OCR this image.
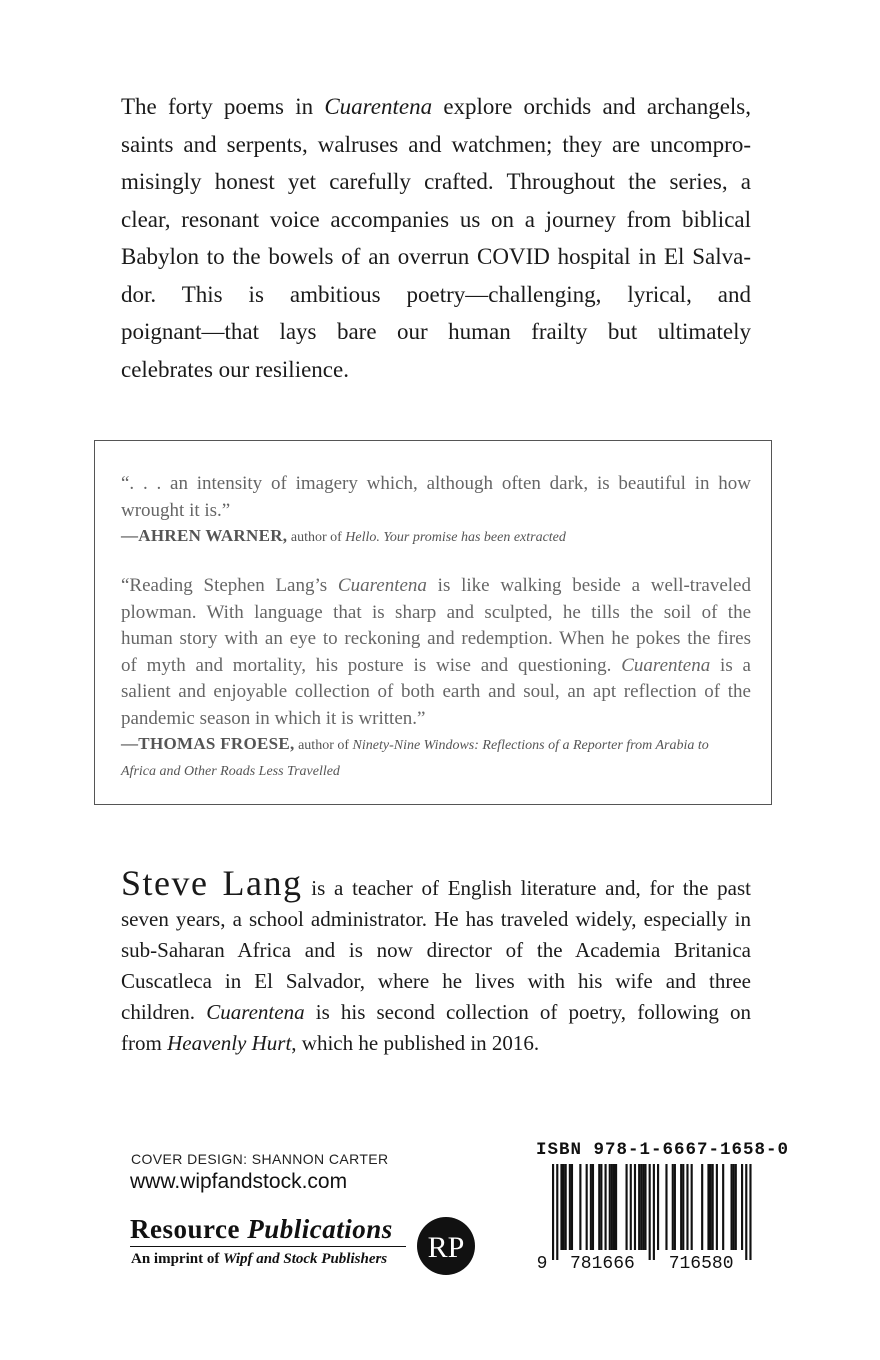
The forty poems in Cuarentena explore orchids and archangels,
saints and serpents, walruses and watchmen; they are uncompro-
misingly honest yet carefully crafted. Throughout the series, a
clear, resonant voice accompanies us on a journey from biblical
Babylon to the bowels of an overrun COVID hospital in El Salva-
dor. This is ambitious poetry—challenging, lyrical, and
poignant—that lays bare our human frailty but ultimately
celebrates our resilience.
“. . . an intensity of imagery which, although often dark, is beautiful in how
wrought it is.”
—AHREN WARNER, author of Hello. Your promise has been extracted
“Reading Stephen Lang’s Cuarentena is like walking beside a well-traveled
plowman. With language that is sharp and sculpted, he tills the soil of the
human story with an eye to reckoning and redemption. When he pokes the fires
of myth and mortality, his posture is wise and questioning. Cuarentena is a
salient and enjoyable collection of both earth and soul, an apt reflection of the
pandemic season in which it is written.”
—THOMAS FROESE, author of Ninety-Nine Windows: Reflections of a Reporter from Arabia to
Africa and Other Roads Less Travelled
Steve Lang is a teacher of English literature and, for the past
seven years, a school administrator. He has traveled widely, especially in
sub-Saharan Africa and is now director of the Academia Britanica
Cuscatleca in El Salvador, where he lives with his wife and three
children. Cuarentena is his second collection of poetry, following on
from Heavenly Hurt, which he published in 2016.
COVER DESIGN: SHANNON CARTER
www.wipfandstock.com
Resource Publications
An imprint of Wipf and Stock Publishers RP
ISBN 978-1-6667-1658-0
9 781666 716580
